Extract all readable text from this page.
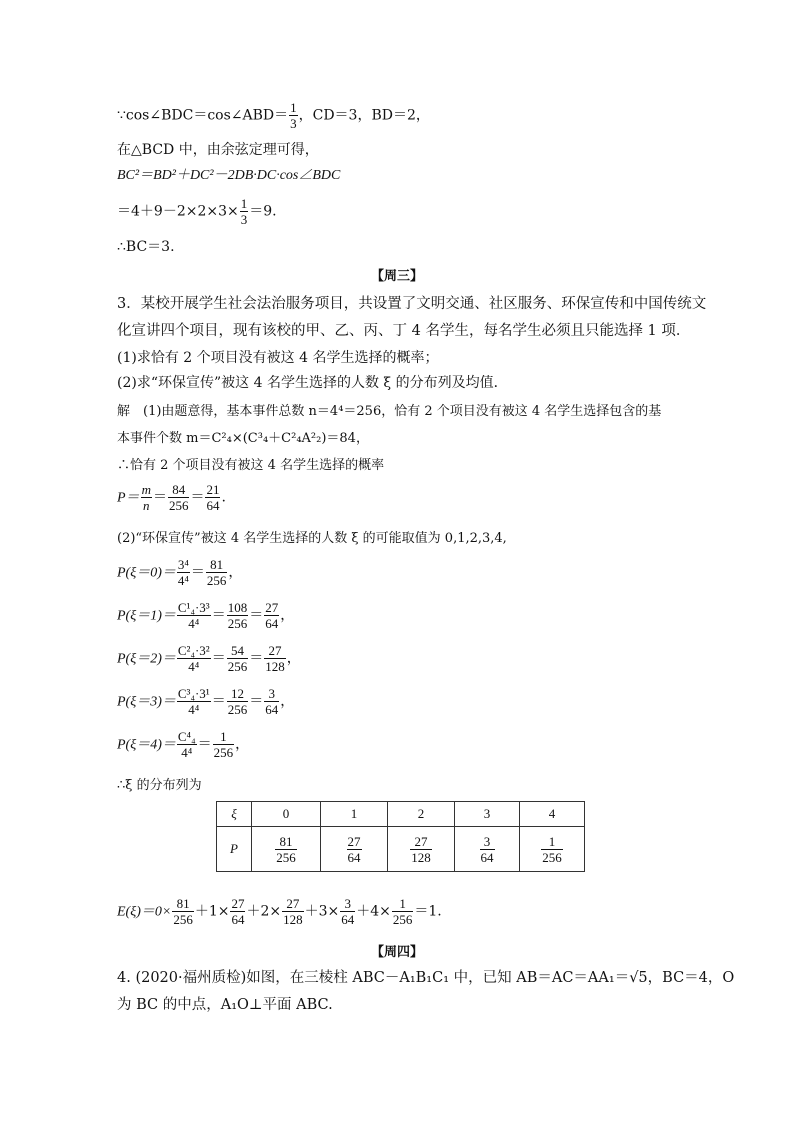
∵cos∠BDC＝cos∠ABD＝ $\frac{1}{3}$ ，CD＝3，BD＝2，
在△BCD 中，由余弦定理可得，
BC²＝BD²＋DC²－2DB·DC·cos∠BDC
$=4+9-2\times 2\times 3\times \frac{1}{3} =9$.
∴BC＝3.
【周三】
3．某校开展学生社会法治服务项目，共设置了文明交通、社区服务、环保宣传和中国传统文
化宣讲四个项目，现有该校的甲、乙、丙、丁 4 名学生，每名学生必须且只能选择 1 项．
(1)求恰有 2 个项目没有被这 4 名学生选择的概率；
(2)求“环保宣传”被这 4 名学生选择的人数 ξ 的分布列及均值．
解　(1)由题意得，基本事件总数 n＝4⁴＝256，恰有 2 个项目没有被这 4 名学生选择包含的基
本事件个数 m＝C²₄×(C³₄＋C²₄A²₂)＝84，
∴恰有 2 个项目没有被这 4 名学生选择的概率
$P= \frac{m}{n} = \frac{84}{256} = \frac{21}{64}$ .
(2)“环保宣传”被这 4 名学生选择的人数 ξ 的可能取值为 0,1,2,3,4,
$P(\xi=0)= \frac{\text{3⁴}}{\text{4⁴}} = \frac{81}{256}$ ，
$P(\xi=1)= \frac{\text{C¹₄·3³}}{\text{4⁴}} = \frac{108}{256} = \frac{27}{64}$ ，
$P(\xi=2)= \frac{\text{C²₄·3²}}{\text{4⁴}} = \frac{54}{256} = \frac{27}{128}$ ，
$P(\xi=3)= \frac{\text{C³₄·3¹}}{\text{4⁴}} = \frac{12}{256} = \frac{3}{64}$ ，
$P(\xi=4)= \frac{\text{C⁴₄}}{\text{4⁴}} = \frac{1}{256}$ ，
∴ξ 的分布列为
ξ	0	1	2	3	4
P	$\frac{81}{256}$	$\frac{27}{64}$	$\frac{27}{128}$	$\frac{3}{64}$	$\frac{1}{256}$
$E(\xi)=0\times \frac{81}{256} +1\times \frac{27}{64} +2\times \frac{27}{128} +3\times \frac{3}{64} +4\times \frac{1}{256} =1$.
【周四】
4. (2020·福州质检)如图，在三棱柱 ABC－A₁B₁C₁ 中，已知 AB＝AC＝AA₁＝√5，BC＝4，O
为 BC 的中点，A₁O⊥平面 ABC.
